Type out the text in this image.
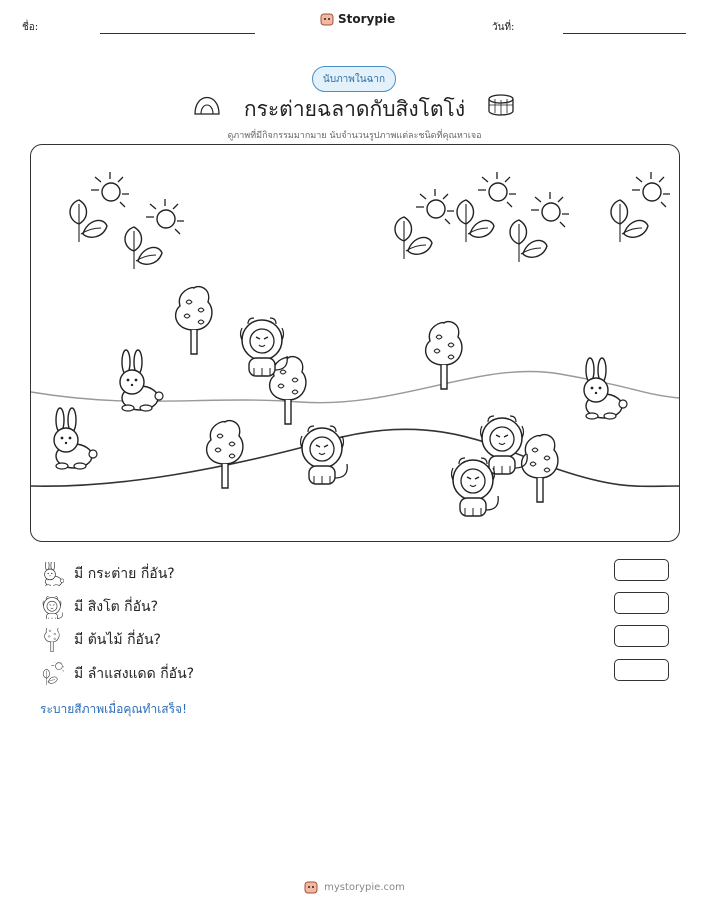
ชื่อ:
Storypie
วันที่:
นับภาพในฉาก
กระต่ายฉลาดกับสิงโตโง่
ดูภาพที่มีกิจกรรมมากมาย นับจำนวนรูปภาพแต่ละชนิดที่คุณหาเจอ
มี กระต่าย กี่อัน?
มี สิงโต กี่อัน?
มี ต้นไม้ กี่อัน?
มี ลำแสงแดด กี่อัน?
ระบายสีภาพเมื่อคุณทำเสร็จ!
mystorypie.com
